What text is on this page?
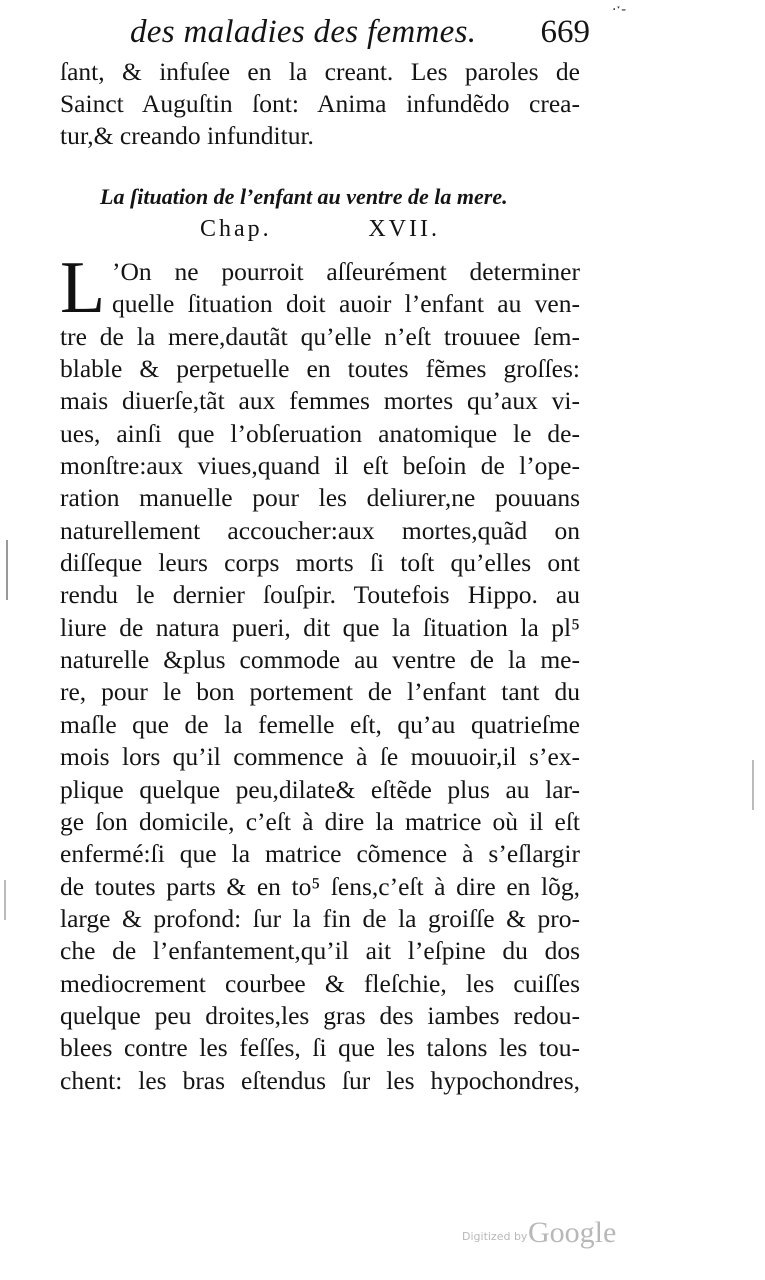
·ˑ‑
des maladies des femmes. 669
ſant, & infuſee en la creant. Les paroles de
Sainct Auguſtin ſont: Anima infundẽdo crea-
tur,& creando infunditur.
La ſituation de l’enfant au ventre de la mere.
Chap.	XVII.
L ’On ne pourroit aſſeurément determiner
quelle ſituation doit auoir l’enfant au ven-
tre de la mere,dautãt qu’elle n’eſt trouuee ſem-
blable & perpetuelle en toutes fẽmes groſſes:
mais diuerſe,tãt aux femmes mortes qu’aux vi-
ues, ainſi que l’obſeruation anatomique le de-
monſtre:aux viues,quand il eſt beſoin de l’ope-
ration manuelle pour les deliurer,ne pouuans
naturellement accoucher:aux mortes,quãd on
diſſeque leurs corps morts ſi toſt qu’elles ont
rendu le dernier ſouſpir. Toutefois Hippo. au
liure de natura pueri, dit que la ſituation la pl⁵
naturelle &plus commode au ventre de la me-
re, pour le bon portement de l’enfant tant du
maſle que de la femelle eſt, qu’au quatrieſme
mois lors qu’il commence à ſe mouuoir,il s’ex-
plique quelque peu,dilate& eſtẽde plus au lar-
ge ſon domicile, c’eſt à dire la matrice où il eſt
enfermé:ſi que la matrice cõmence à s’eſlargir
de toutes parts & en to⁵ ſens,c’eſt à dire en lõg,
large & profond: ſur la fin de la groiſſe & pro-
che de l’enfantement,qu’il ait l’eſpine du dos
mediocrement courbee & fleſchie, les cuiſſes
quelque peu droites,les gras des iambes redou-
blees contre les feſſes, ſi que les talons les tou-
chent: les bras eſtendus ſur les hypochondres,
Digitized by Google
